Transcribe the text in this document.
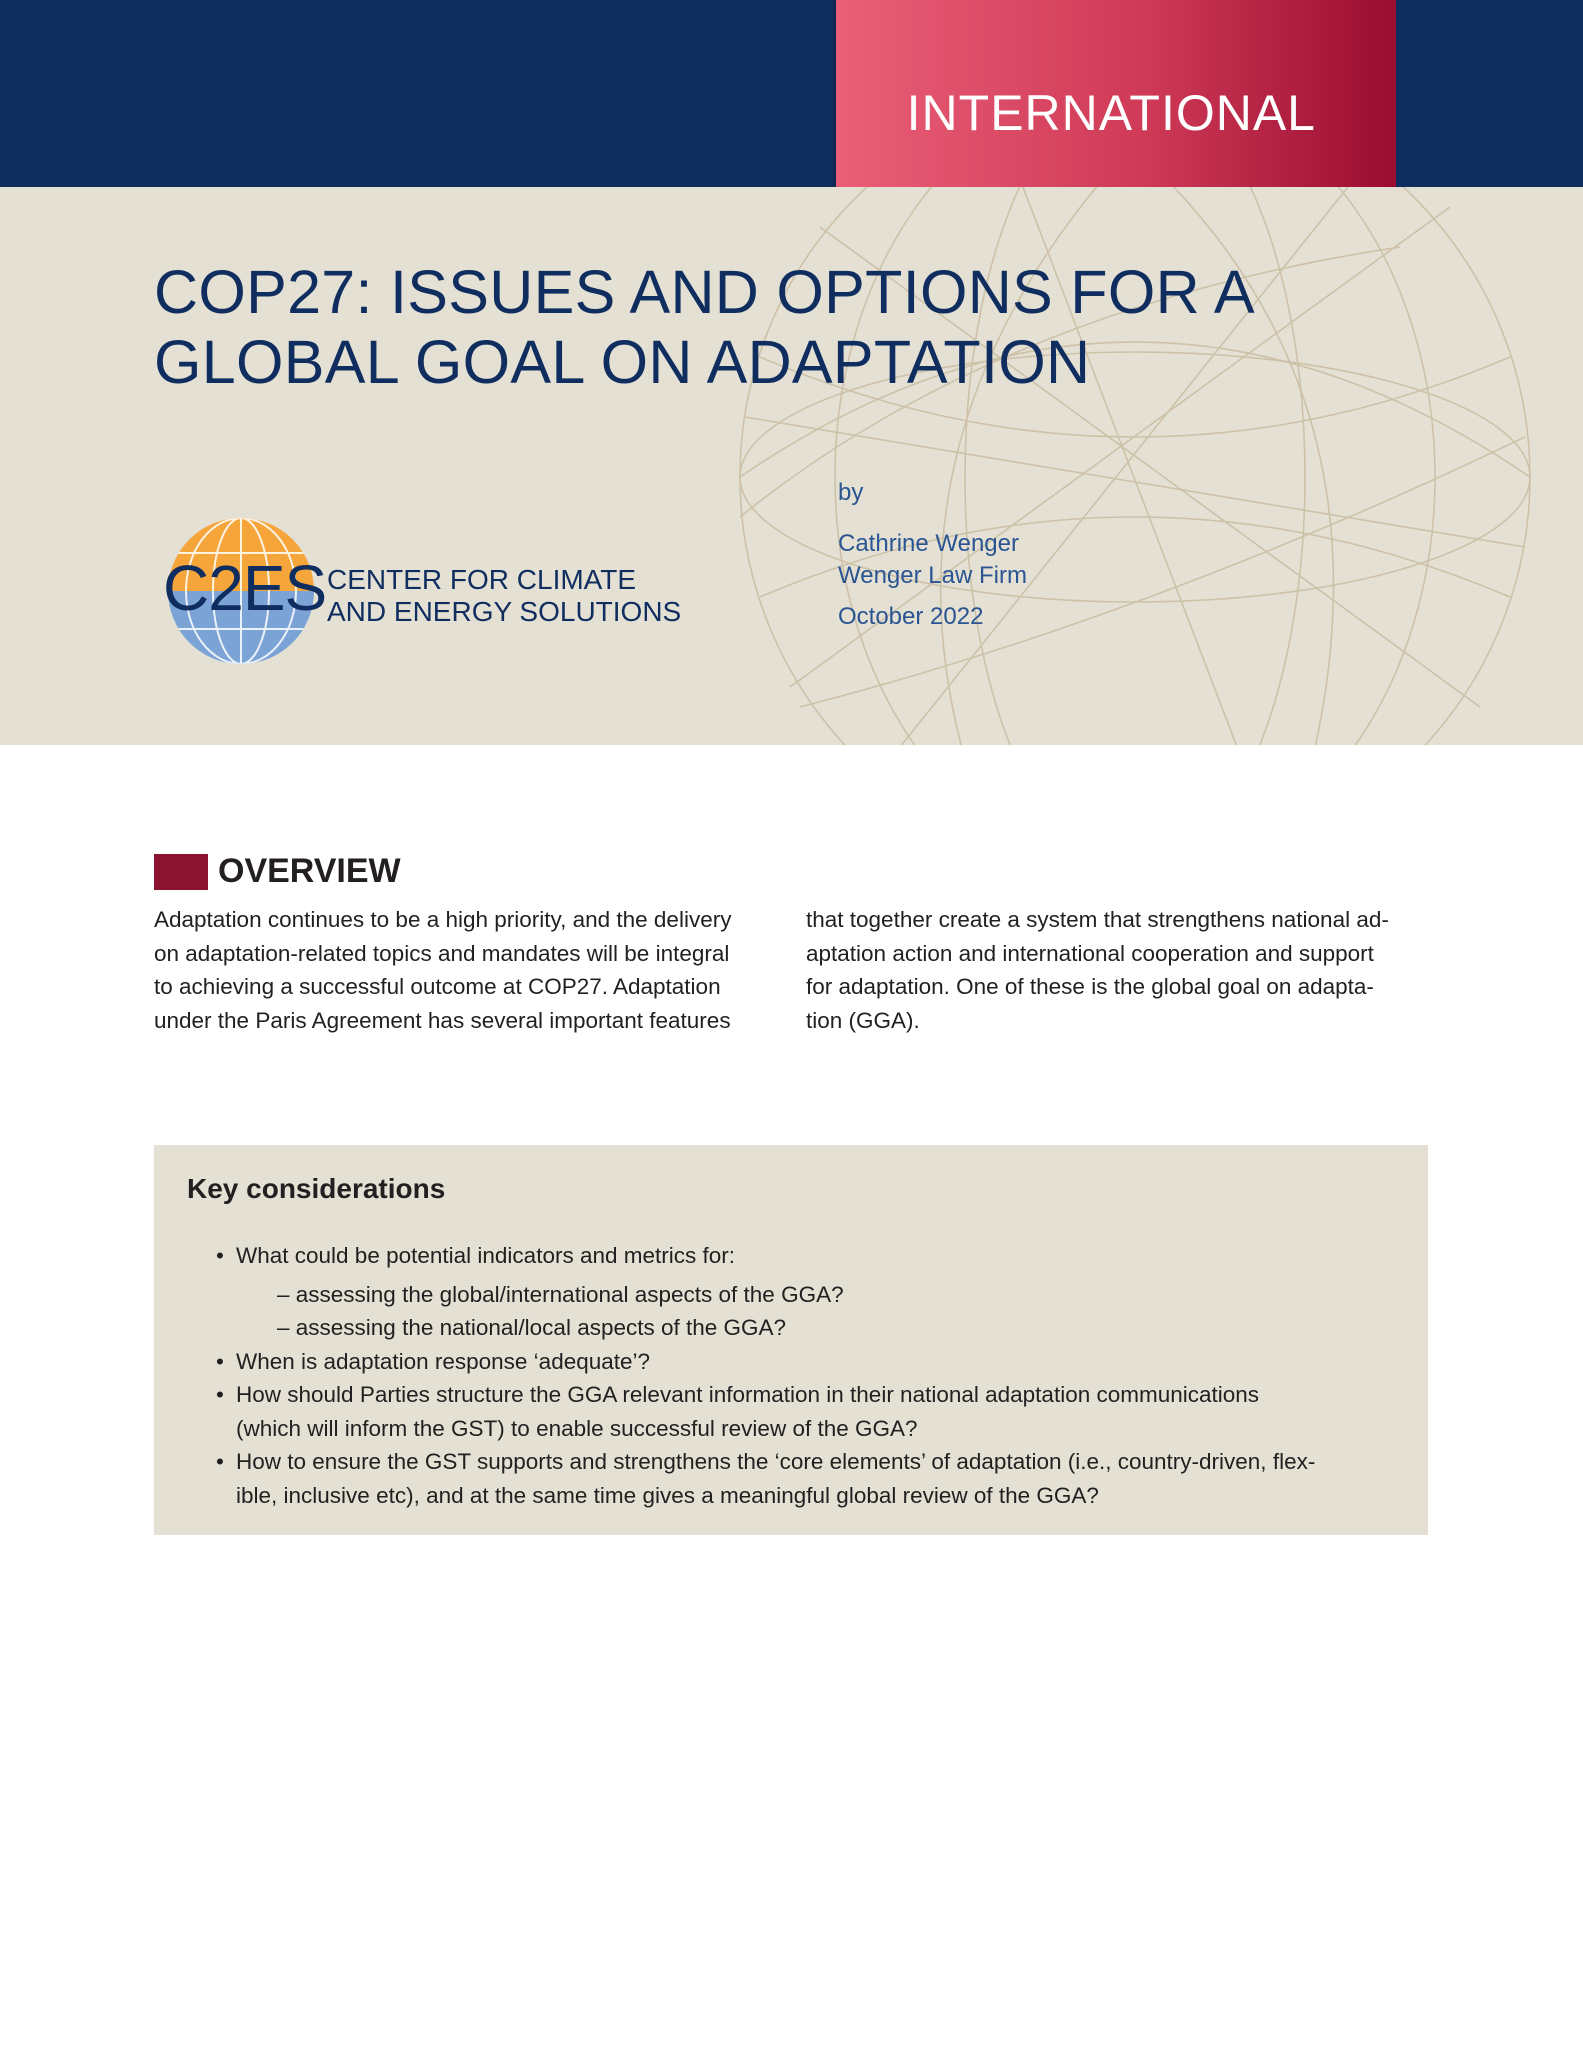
INTERNATIONAL
COP27: ISSUES AND OPTIONS FOR A
GLOBAL GOAL ON ADAPTATION
C2ES CENTER FOR CLIMATE
AND ENERGY SOLUTIONS

by
Cathrine Wenger
Wenger Law Firm
October 2022
OVERVIEW
Adaptation continues to be a high priority, and the delivery
on adaptation-related topics and mandates will be integral
to achieving a successful outcome at COP27. Adaptation
under the Paris Agreement has several important features
that together create a system that strengthens national ad-
aptation action and international cooperation and support
for adaptation. One of these is the global goal on adapta-
tion (GGA).
Key considerations
• What could be potential indicators and metrics for:
– assessing the global/international aspects of the GGA?
– assessing the national/local aspects of the GGA?
• When is adaptation response ‘adequate’?
• How should Parties structure the GGA relevant information in their national adaptation communications
(which will inform the GST) to enable successful review of the GGA?
• How to ensure the GST supports and strengthens the ‘core elements’ of adaptation (i.e., country-driven, flex-
ible, inclusive etc), and at the same time gives a meaningful global review of the GGA?
